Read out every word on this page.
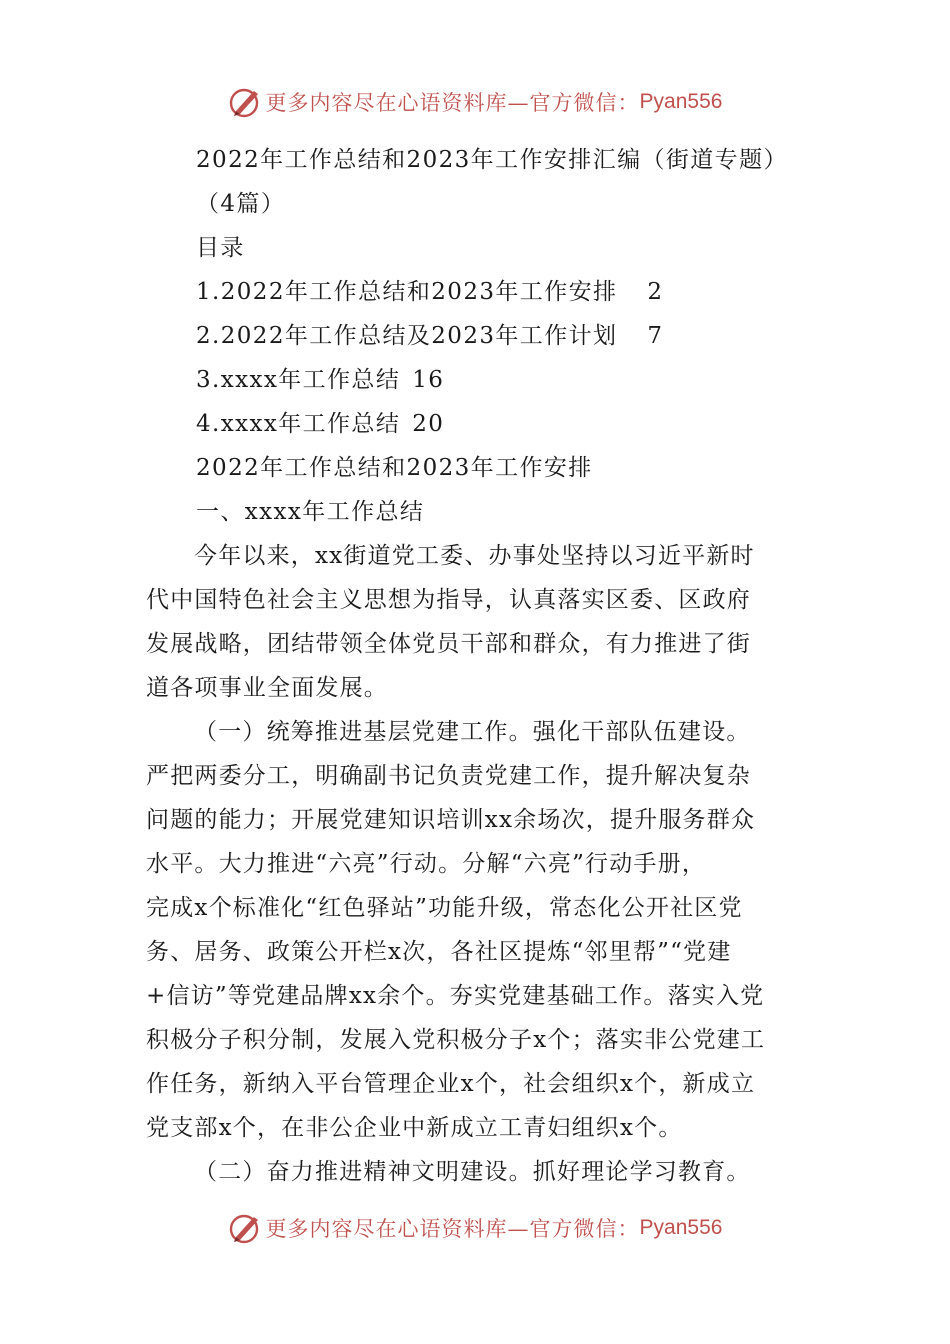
更多内容尽在心语资料库—官方微信： Pyan556
2022年工作总结和2023年工作安排汇编（街道专题）
（4篇）
目录
1.2022年工作总结和2023年工作安排 2
2.2022年工作总结及2023年工作计划 7
3.xxxx年工作总结 16
4.xxxx年工作总结 20
2022年工作总结和2023年工作安排
一、xxxx年工作总结
今年以来，xx街道党工委、办事处坚持以习近平新时
代中国特色社会主义思想为指导，认真落实区委、区政府
发展战略，团结带领全体党员干部和群众，有力推进了街
道各项事业全面发展。
（一）统筹推进基层党建工作。强化干部队伍建设。
严把两委分工，明确副书记负责党建工作，提升解决复杂
问题的能力；开展党建知识培训xx余场次，提升服务群众
水平。大力推进“六亮”行动。分解“六亮”行动手册，
完成x个标准化“红色驿站”功能升级，常态化公开社区党
务、居务、政策公开栏x次，各社区提炼“邻里帮”“党建
+信访”等党建品牌xx余个。夯实党建基础工作。落实入党
积极分子积分制，发展入党积极分子x个；落实非公党建工
作任务，新纳入平台管理企业x个，社会组织x个，新成立
党支部x个，在非公企业中新成立工青妇组织x个。
（二）奋力推进精神文明建设。抓好理论学习教育。
更多内容尽在心语资料库—官方微信： Pyan556
